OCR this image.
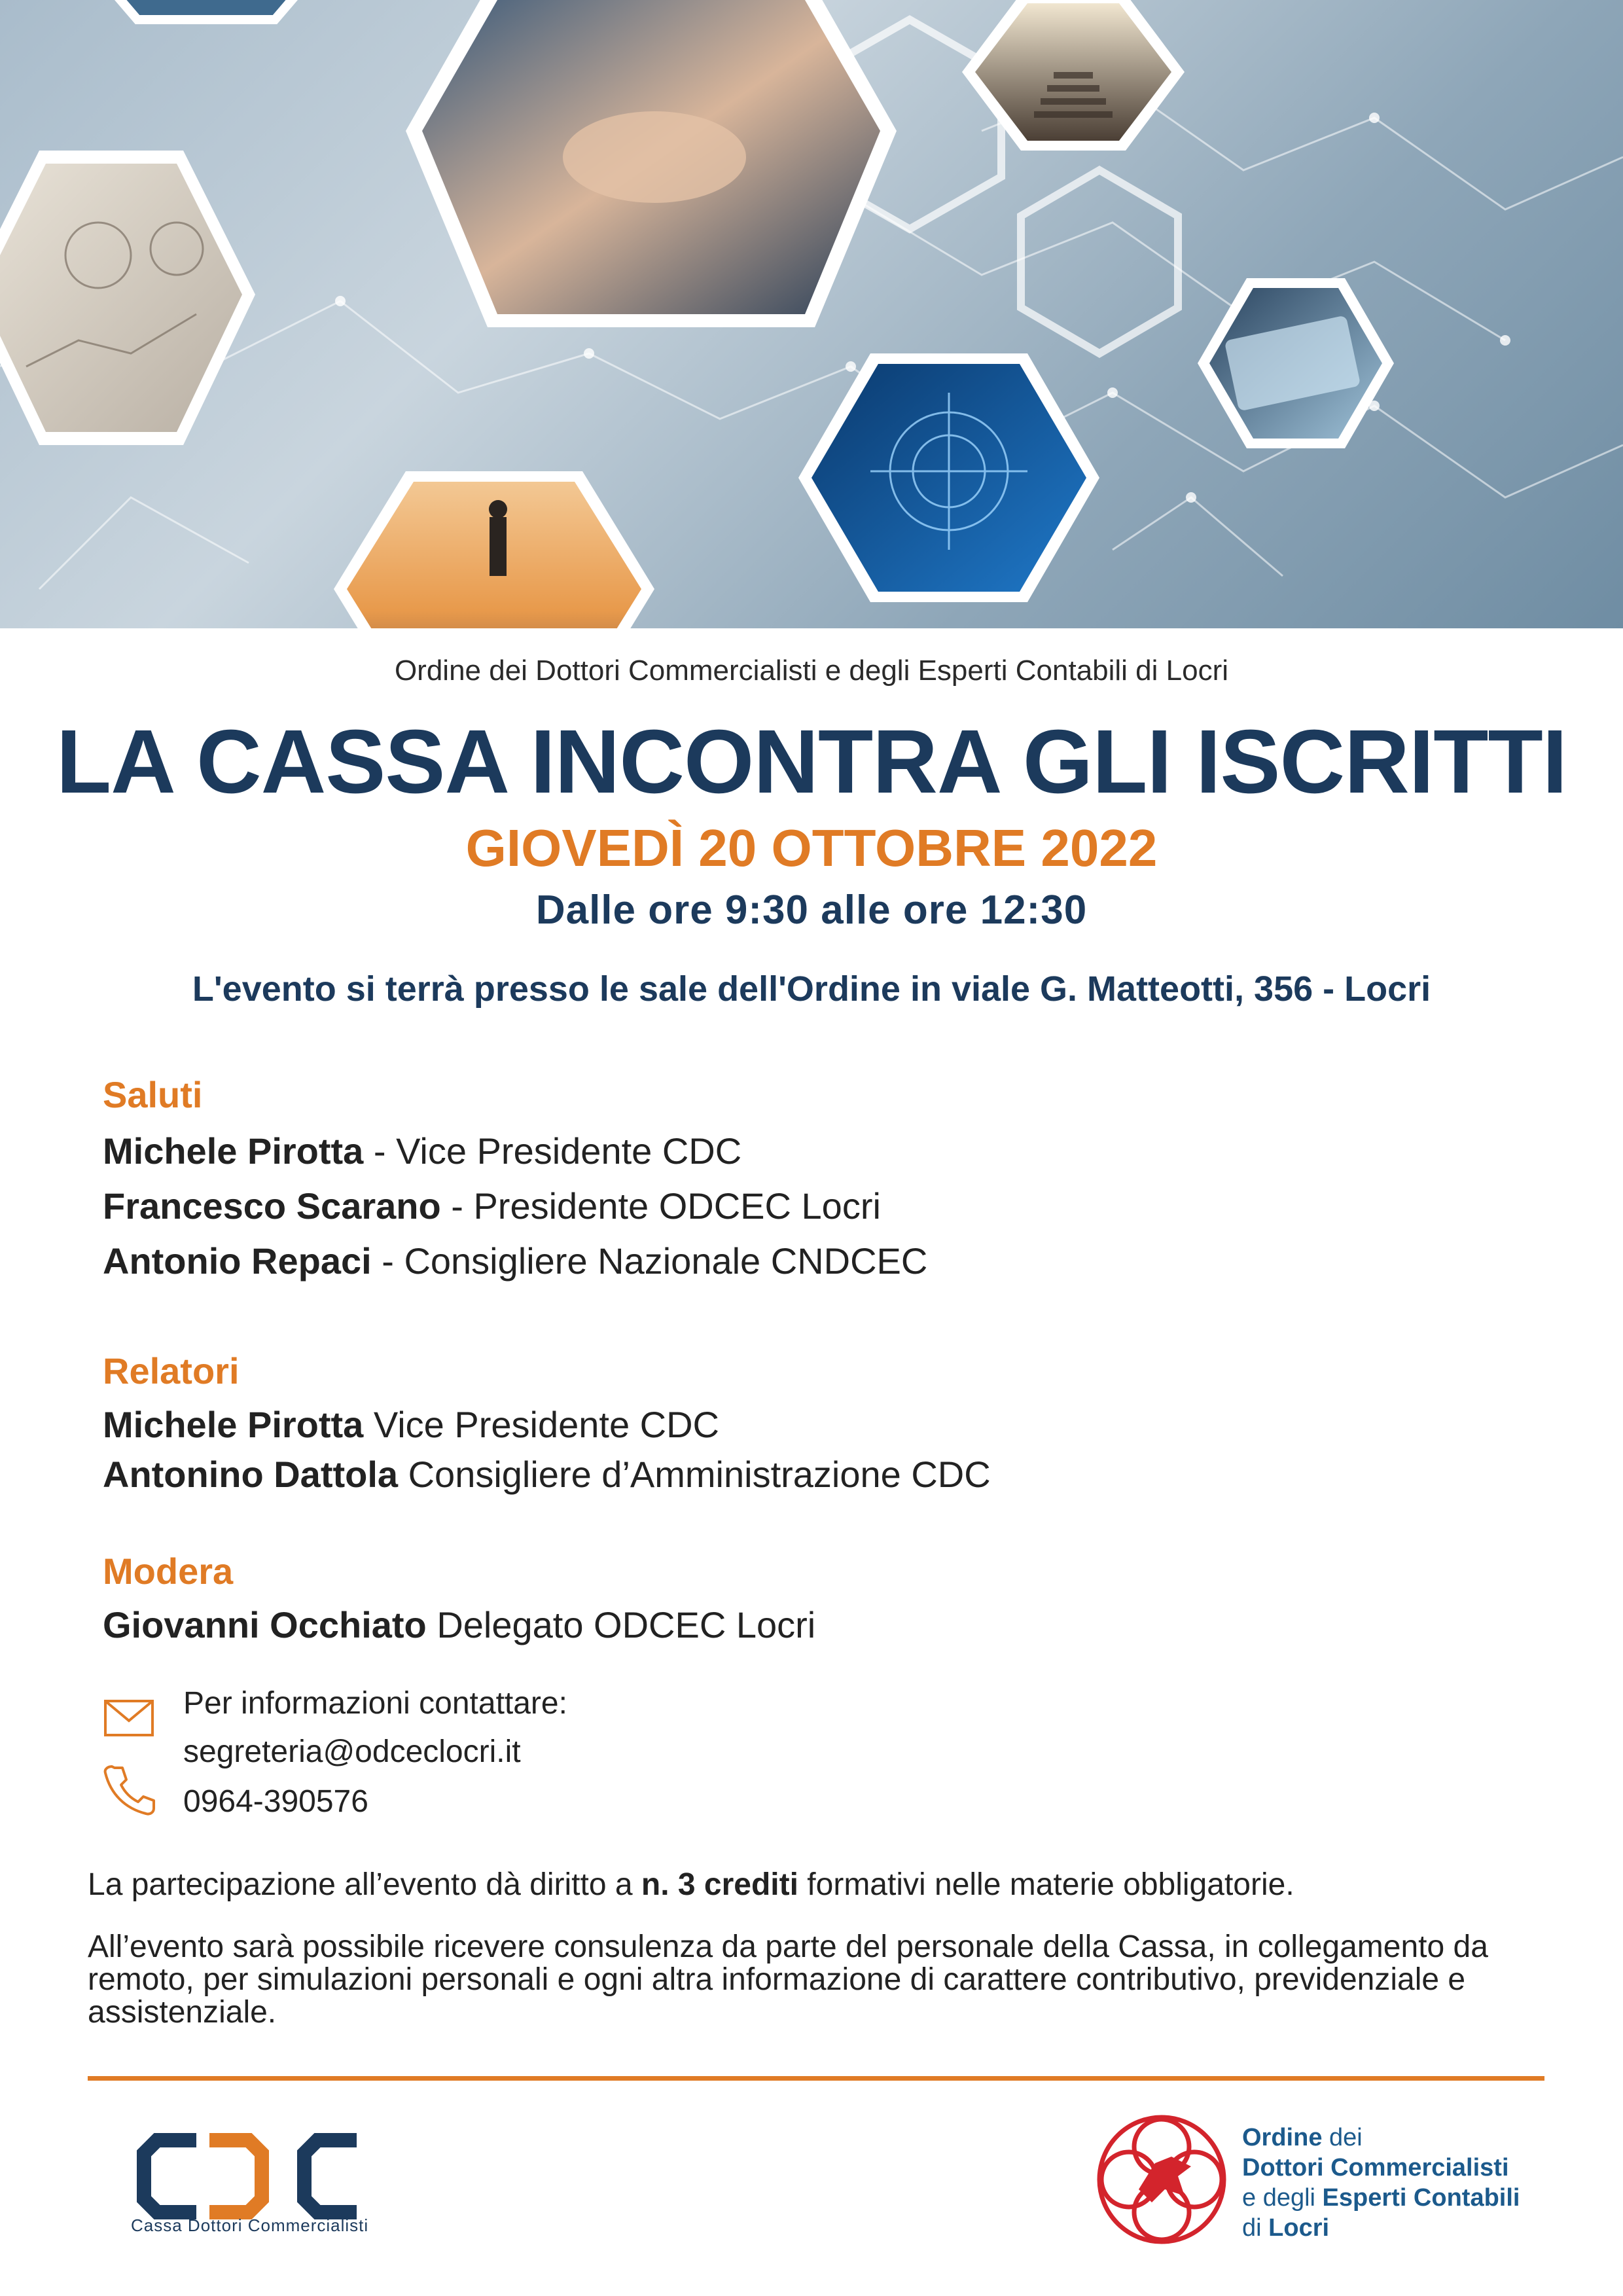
Ordine dei Dottori Commercialisti e degli Esperti Contabili di Locri
LA CASSA INCONTRA GLI ISCRITTI
GIOVEDÌ 20 OTTOBRE 2022
Dalle ore 9:30 alle ore 12:30
L'evento si terrà presso le sale dell'Ordine in viale G. Matteotti, 356 - Locri
Saluti
Michele Pirotta - Vice Presidente CDC
Francesco Scarano - Presidente ODCEC Locri
Antonio Repaci - Consigliere Nazionale CNDCEC
Relatori
Michele Pirotta Vice Presidente CDC
Antonino Dattola Consigliere d’Amministrazione CDC
Modera
Giovanni Occhiato Delegato ODCEC Locri
Per informazioni contattare:
segreteria@odceclocri.it
0964-390576
La partecipazione all’evento dà diritto a n. 3 crediti formativi nelle materie obbligatorie.
All’evento sarà possibile ricevere consulenza da parte del personale della Cassa, in collegamento da remoto, per simulazioni personali e ogni altra informazione di carattere contributivo, previdenziale e assistenziale.
Cassa Dottori Commercialisti
Ordine dei
Dottori Commercialisti
e degli Esperti Contabili
di Locri
